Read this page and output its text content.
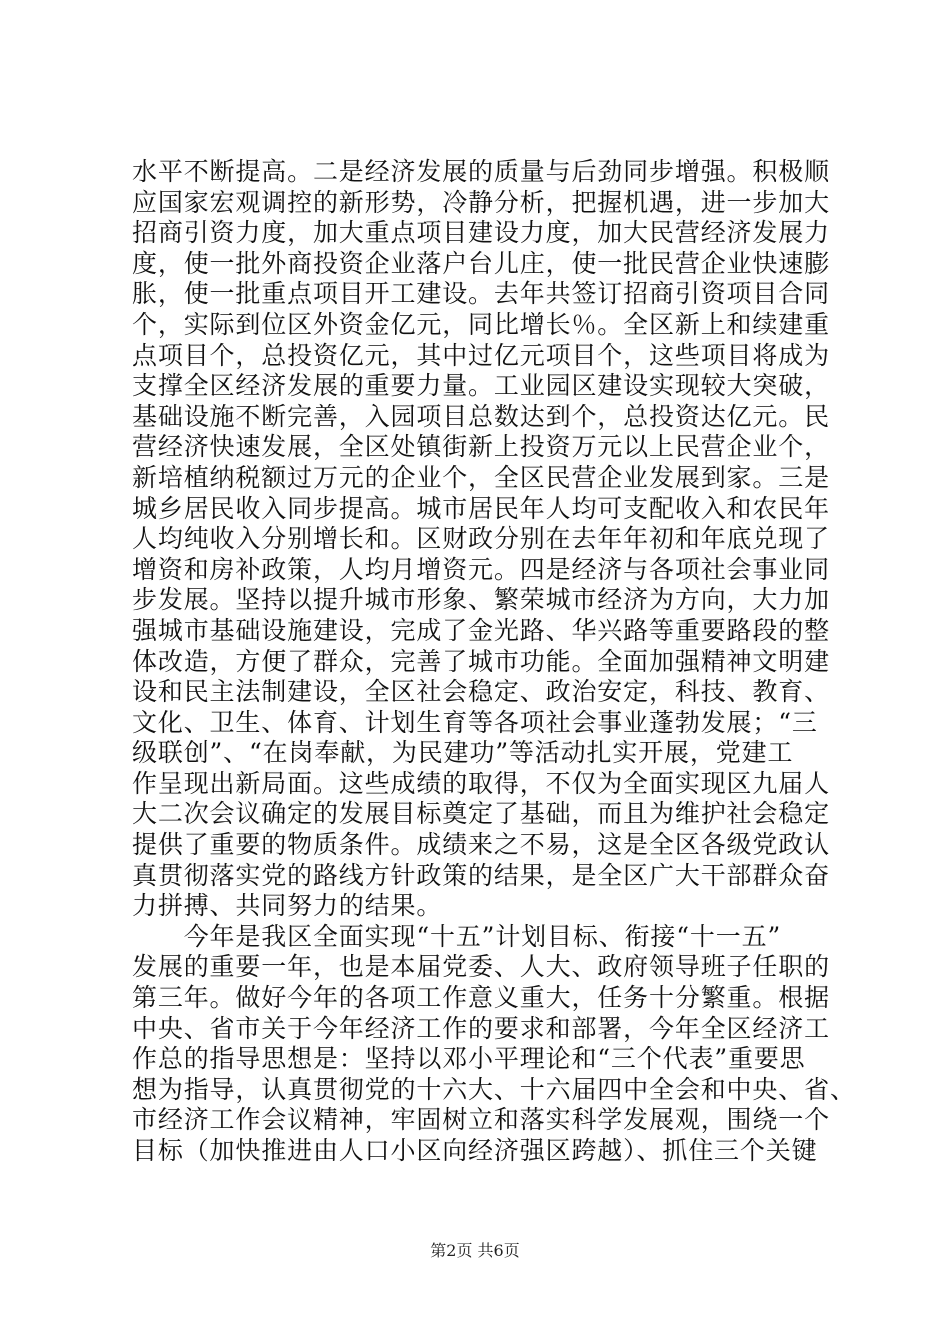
水平不断提高。二是经济发展的质量与后劲同步增强。积极顺
应国家宏观调控的新形势，冷静分析，把握机遇，进一步加大
招商引资力度，加大重点项目建设力度，加大民营经济发展力
度，使一批外商投资企业落户台儿庄，使一批民营企业快速膨
胀，使一批重点项目开工建设。去年共签订招商引资项目合同
个，实际到位区外资金亿元，同比增长％。全区新上和续建重
点项目个，总投资亿元，其中过亿元项目个，这些项目将成为
支撑全区经济发展的重要力量。工业园区建设实现较大突破，
基础设施不断完善，入园项目总数达到个，总投资达亿元。民
营经济快速发展，全区处镇街新上投资万元以上民营企业个，
新培植纳税额过万元的企业个，全区民营企业发展到家。三是
城乡居民收入同步提高。城市居民年人均可支配收入和农民年
人均纯收入分别增长和。区财政分别在去年年初和年底兑现了
增资和房补政策，人均月增资元。四是经济与各项社会事业同
步发展。坚持以提升城市形象、繁荣城市经济为方向，大力加
强城市基础设施建设，完成了金光路、华兴路等重要路段的整
体改造，方便了群众，完善了城市功能。全面加强精神文明建
设和民主法制建设，全区社会稳定、政治安定，科技、教育、
文化、卫生、体育、计划生育等各项社会事业蓬勃发展；“三
级联创”、“在岗奉献，为民建功”等活动扎实开展，党建工
作呈现出新局面。这些成绩的取得，不仅为全面实现区九届人
大二次会议确定的发展目标奠定了基础，而且为维护社会稳定
提供了重要的物质条件。成绩来之不易，这是全区各级党政认
真贯彻落实党的路线方针政策的结果，是全区广大干部群众奋
力拼搏、共同努力的结果。
　　今年是我区全面实现“十五”计划目标、衔接“十一五”
发展的重要一年，也是本届党委、人大、政府领导班子任职的
第三年。做好今年的各项工作意义重大，任务十分繁重。根据
中央、省市关于今年经济工作的要求和部署，今年全区经济工
作总的指导思想是：坚持以邓小平理论和“三个代表”重要思
想为指导，认真贯彻党的十六大、十六届四中全会和中央、省、
市经济工作会议精神，牢固树立和落实科学发展观，围绕一个
目标（加快推进由人口小区向经济强区跨越）、抓住三个关键
第2页 共6页
